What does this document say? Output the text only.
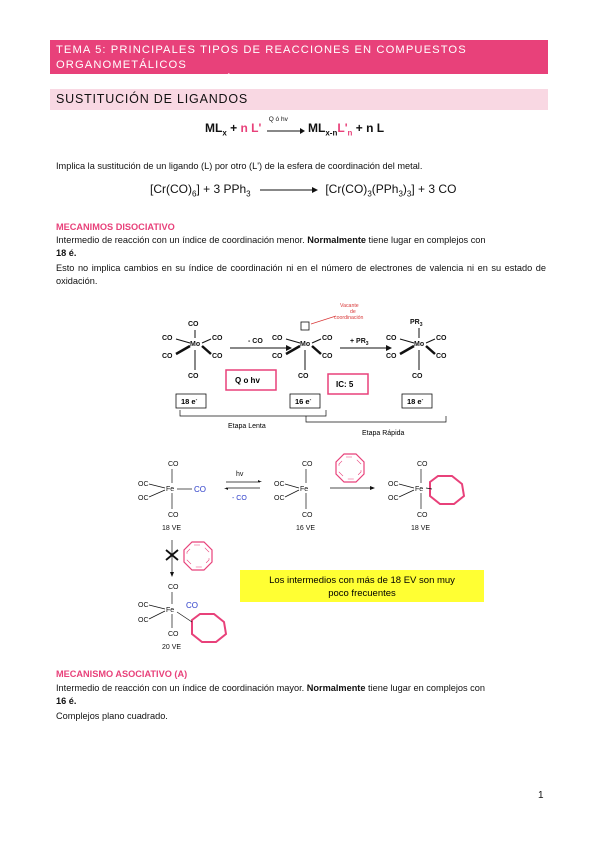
TEMA 5: PRINCIPALES TIPOS DE REACCIONES EN COMPUESTOS ORGANOMETÁLICOS
DE METALES DE TRANSICIÓN
SUSTITUCIÓN DE LIGANDOS
$ML_x + n$ L'
Q ó hv
$ML_{x-n}L'_n + n$ L
Implica la sustitución de un ligando (L) por otro (L') de la esfera de coordinación del metal.
$[Cr(CO)_6] + 3$ PPh$_3$	$[Cr(CO)_3(PPh_3)_3] + 3$ CO
MECANIMOS DISOCIATIVO
Intermedio de reacción con un índice de coordinación menor. Normalmente tiene lugar en complejos con
18 é.
Esto no implica cambios en su índice de coordinación ni en el número de electrones de valencia ni en su estado de oxidación.
Mo
CO
CO
CO
CO
CO
CO
- CO	Mo
CO
CO
CO
CO
CO
Vacante
de
coordinación
+ $PR_3$	Mo
$PR_3$
CO
CO
CO
CO
CO
Q o hv	IC: 5
18 e-	16 e-	18 e-
Etapa Lenta
Etapa Rápida
CO
OC
OC
Fe CO
CO
18 VE
hv
- CO
CO
OC
OC
Fe
CO
16 VE
CO
OC
OC
Fe
CO
18 VE
CO
OC
OC
Fe
CO
CO
20 VE
Los intermedios con más de 18 EV son muy
poco frecuentes
MECANISMO ASOCIATIVO (A)
Intermedio de reacción con un índice de coordinación mayor. Normalmente tiene lugar en complejos con
16 é.
Complejos plano cuadrado.
1
